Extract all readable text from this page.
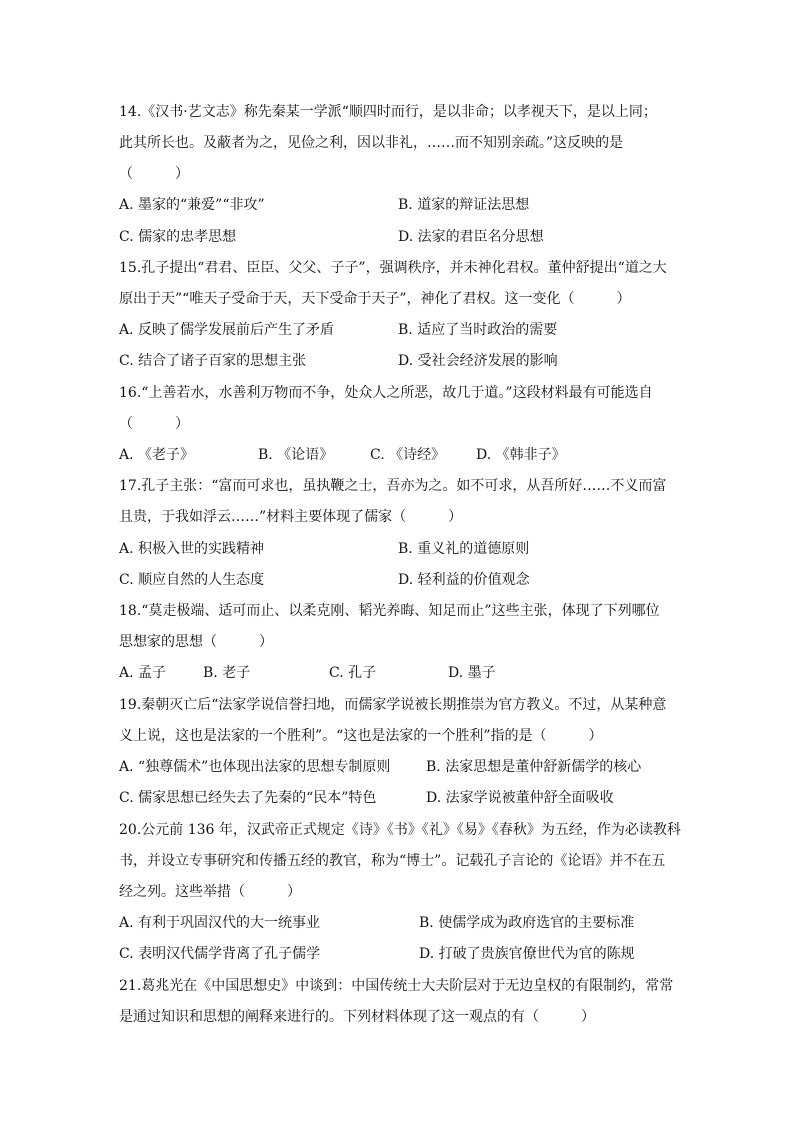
14.《汉书·艺文志》称先秦某一学派“顺四时而行，是以非命；以孝视天下，是以上同；
此其所长也。及蔽者为之，见俭之利，因以非礼，……而不知别亲疏。”这反映的是
（　　　）
A. 墨家的“兼爱”“非攻”	B. 道家的辩证法思想
C. 儒家的忠孝思想	D. 法家的君臣名分思想
15.孔子提出“君君、臣臣、父父、子子”，强调秩序，并未神化君权。董仲舒提出“道之大
原出于天”“唯天子受命于天，天下受命于天子”，神化了君权。这一变化（　　　）
A. 反映了儒学发展前后产生了矛盾	B. 适应了当时政治的需要
C. 结合了诸子百家的思想主张	D. 受社会经济发展的影响
16.“上善若水，水善利万物而不争，处众人之所恶，故几于道。”这段材料最有可能选自
（　　　）
A. 《老子》	B. 《论语》	C. 《诗经》 D. 《韩非子》
17.孔子主张：“富而可求也，虽执鞭之士，吾亦为之。如不可求，从吾所好……不义而富
且贵，于我如浮云……”材料主要体现了儒家（　　　）
A. 积极入世的实践精神	B. 重义礼的道德原则
C. 顺应自然的人生态度	D. 轻利益的价值观念
18.“莫走极端、适可而止、以柔克刚、韬光养晦、知足而止”这些主张，体现了下列哪位
思想家的思想（　　　）
A. 孟子	B. 老子	C. 孔子	D. 墨子
19.秦朝灭亡后“法家学说信誉扫地，而儒家学说被长期推崇为官方教义。不过，从某种意
义上说，这也是法家的一个胜利”。“这也是法家的一个胜利”指的是（　　　）
A. “独尊儒术”也体现出法家的思想专制原则	B. 法家思想是董仲舒新儒学的核心
C. 儒家思想已经失去了先秦的“民本”特色	D. 法家学说被董仲舒全面吸收
20.公元前 136 年，汉武帝正式规定《诗》《书》《礼》《易》《春秋》为五经，作为必读教科
书，并设立专事研究和传播五经的教官，称为“博士”。记载孔子言论的《论语》并不在五
经之列。这些举措（　　　）
A. 有利于巩固汉代的大一统事业	B. 使儒学成为政府选官的主要标准
C. 表明汉代儒学背离了孔子儒学	D. 打破了贵族官僚世代为官的陈规
21.葛兆光在《中国思想史》中谈到：中国传统士大夫阶层对于无边皇权的有限制约，常常
是通过知识和思想的阐释来进行的。下列材料体现了这一观点的有（　　　）
